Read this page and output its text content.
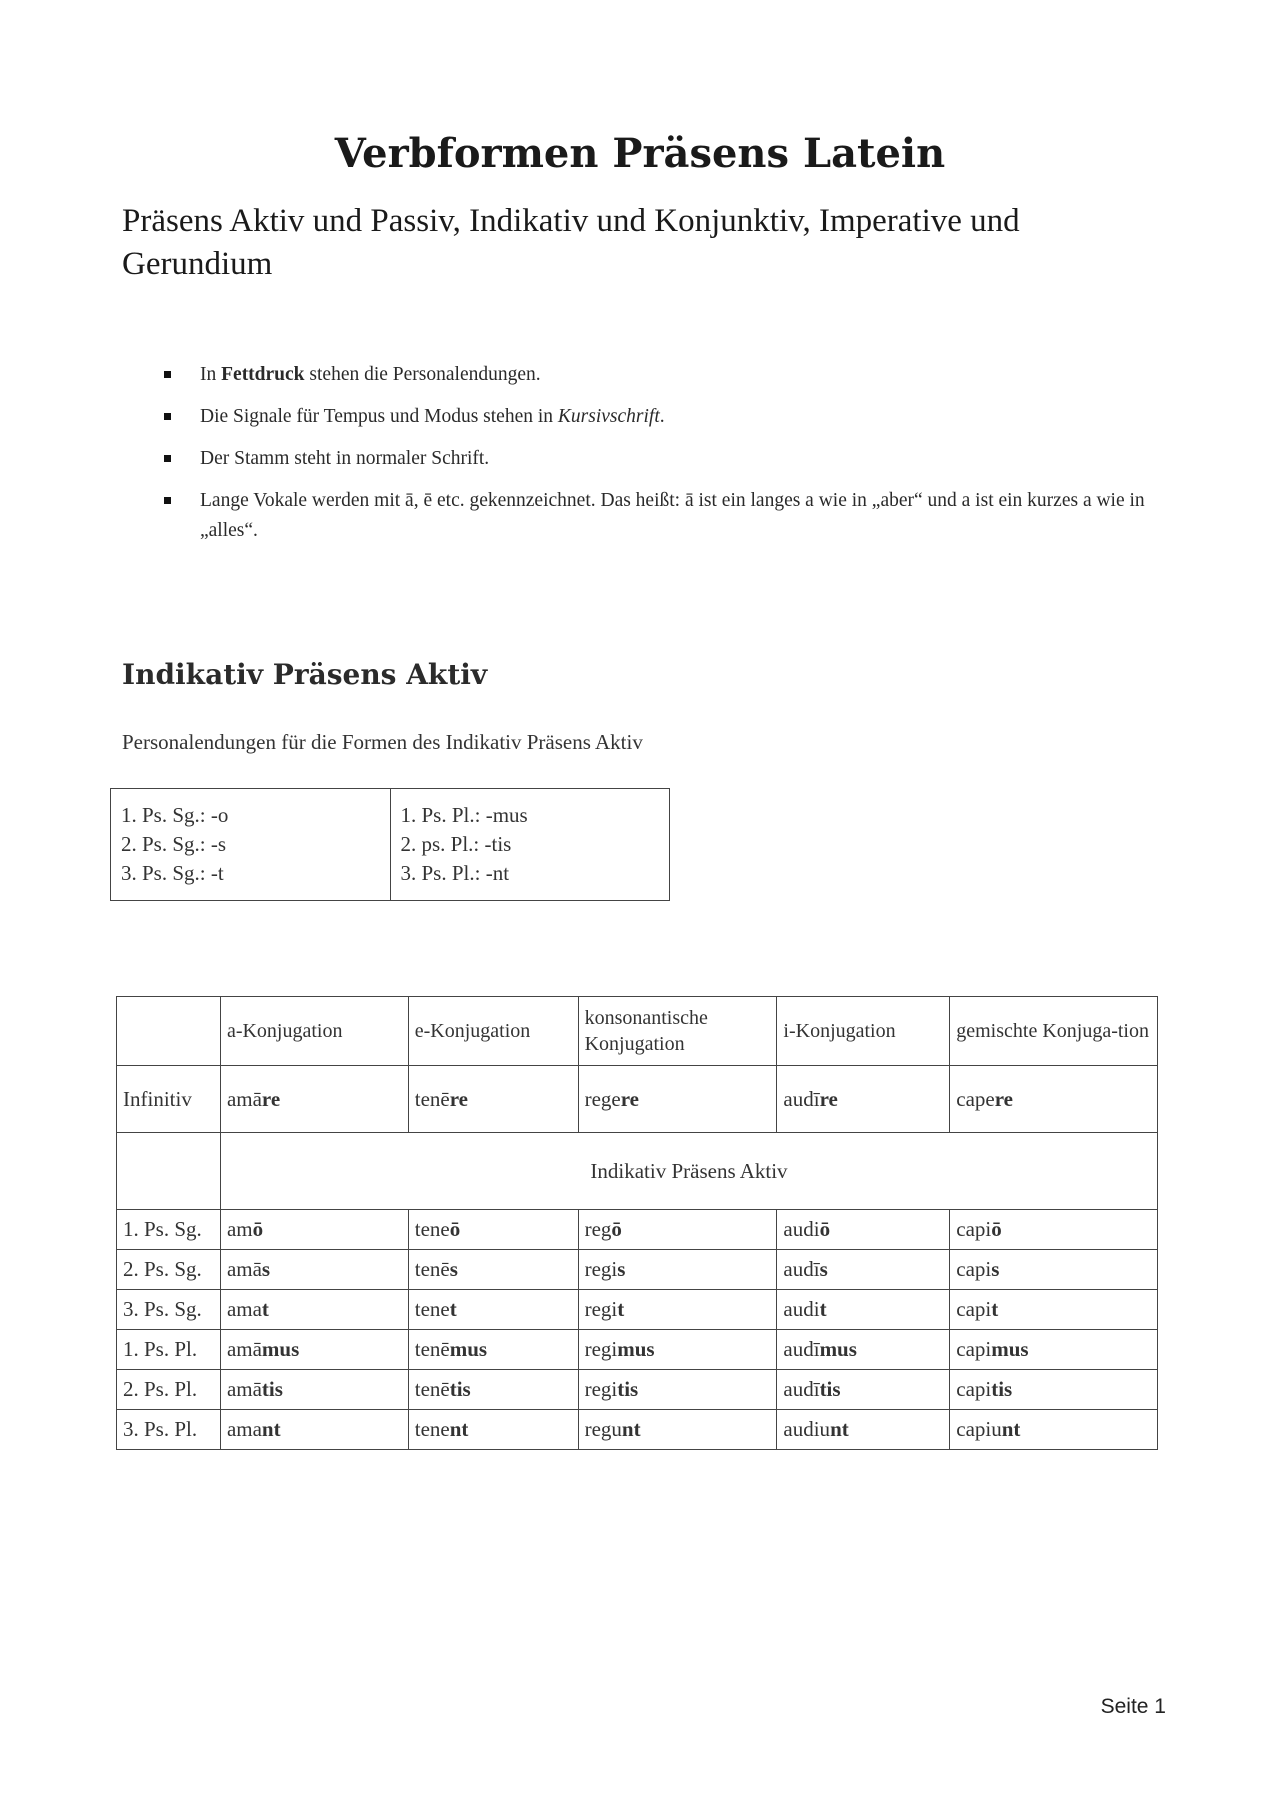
Verbformen Präsens Latein

Präsens Aktiv und Passiv, Indikativ und Konjunktiv, Imperative und Gerundium

In Fettdruck stehen die Personalendungen.
Die Signale für Tempus und Modus stehen in Kursivschrift.
Der Stamm steht in normaler Schrift.
Lange Vokale werden mit ā, ē etc. gekennzeichnet. Das heißt: ā ist ein langes a wie in „aber“ und a ist ein kurzes a wie in „alles“.
Indikativ Präsens Aktiv

Personalendungen für die Formen des Indikativ Präsens Aktiv

1. Ps. Sg.: -o
2. Ps. Sg.: -s
3. Ps. Sg.: -t

1. Ps. Pl.: -mus
2. ps. Pl.: -tis
3. Ps. Pl.: -nt
	a-Konjugation	e-Konjugation	konsonantische Konjugation	i-Konjugation	gemischte Konjuga-tion
Infinitiv	amāre	tenēre	regere	audīre	capere
	Indikativ Präsens Aktiv				
1. Ps. Sg.	amō	teneō	regō	audiō	capiō
2. Ps. Sg.	amās	tenēs	regis	audīs	capis
3. Ps. Sg.	amat	tenet	regit	audit	capit
1. Ps. Pl.	amāmus	tenēmus	regimus	audīmus	capimus
2. Ps. Pl.	amātis	tenētis	regitis	audītis	capitis
3. Ps. Pl.	amant	tenent	regunt	audiunt	capiunt

Seite 1
